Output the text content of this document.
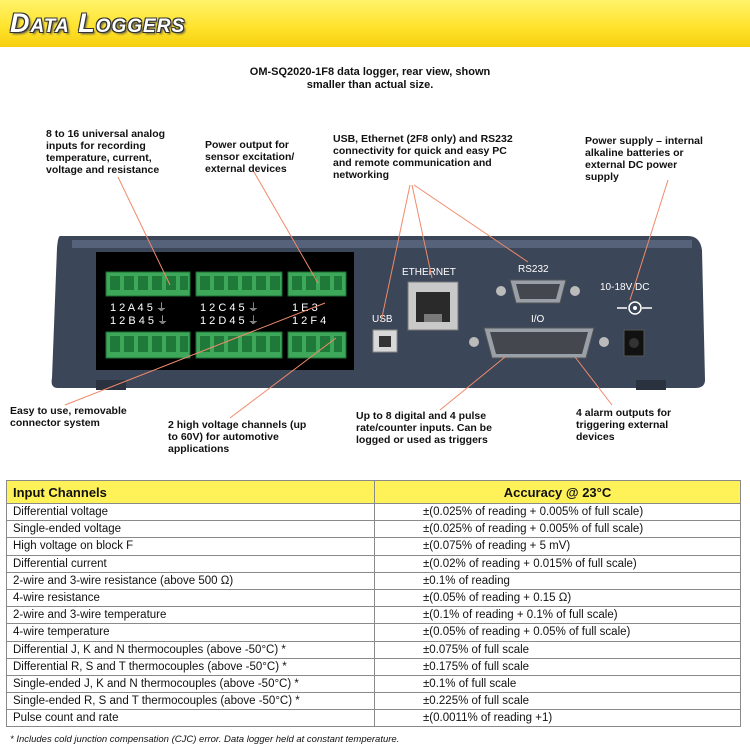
Data Loggers
OM-SQ2020-1F8 data logger, rear view, shown smaller than actual size.
8 to 16 universal analog inputs for recording temperature, current, voltage and resistance
Power output for sensor excitation/ external devices
USB, Ethernet (2F8 only) and RS232 connectivity for quick and easy PC and remote communication and networking
Power supply – internal alkaline batteries or external DC power supply
Easy to use, removable connector system	2 high voltage channels (up to 60V) for automotive applications
Up to 8 digital and 4 pulse rate/counter inputs. Can be logged or used as triggers
4 alarm outputs for triggering external devices
1 2 A 4 5 ⏚
1 2 B 4 5 ⏚
1 2 C 4 5 ⏚
1 2 D 4 5 ⏚
1 E 3
1 2 F 4
ETHERNET
USB
RS232
I/O
10-18V DC
Input Channels	Accuracy @ 23°C
Differential voltage	±(0.025% of reading + 0.005% of full scale)
Single-ended voltage	±(0.025% of reading + 0.005% of full scale)
High voltage on block F	±(0.075% of reading + 5 mV)
Differential current	±(0.02% of reading + 0.015% of full scale)
2-wire and 3-wire resistance (above 500 Ω)	±0.1% of reading
4-wire resistance	±(0.05% of reading + 0.15 Ω)
2-wire and 3-wire temperature	±(0.1% of reading + 0.1% of full scale)
4-wire temperature	±(0.05% of reading + 0.05% of full scale)
Differential J, K and N thermocouples (above -50°C) *	±0.075% of full scale
Differential R, S and T thermocouples (above -50°C) *	±0.175% of full scale
Single-ended J, K and N thermocouples (above -50°C) *	±0.1% of full scale
Single-ended R, S and T thermocouples (above -50°C) *	±0.225% of full scale
Pulse count and rate	±(0.0011% of reading +1)
* Includes cold junction compensation (CJC) error. Data logger held at constant temperature.
